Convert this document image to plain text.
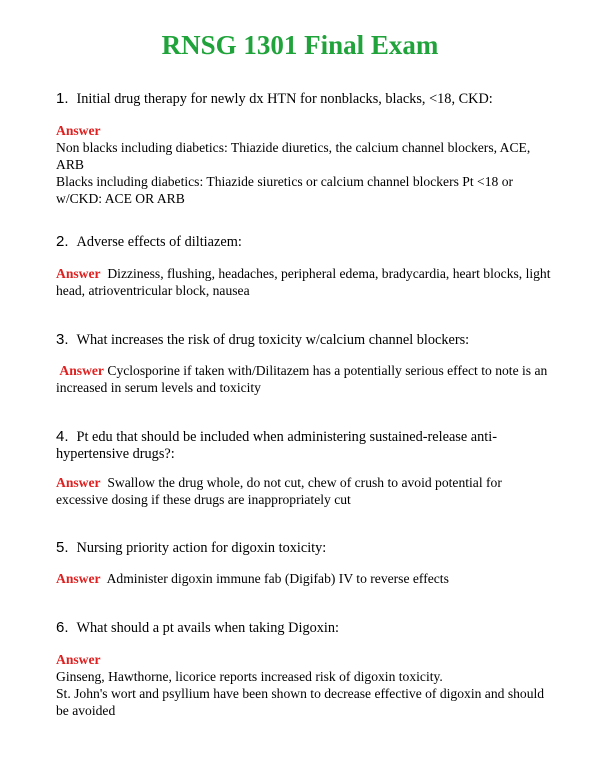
RNSG 1301 Final Exam
1. Initial drug therapy for newly dx HTN for nonblacks, blacks, <18, CKD:
Answer
Non blacks including diabetics: Thiazide diuretics, the calcium channel blockers, ACE, ARB
Blacks including diabetics: Thiazide siuretics or calcium channel blockers Pt <18 or w/CKD: ACE OR ARB
2. Adverse effects of diltiazem:
Answer Dizziness, flushing, headaches, peripheral edema, bradycardia, heart blocks, light head, atrioventricular block, nausea
3. What increases the risk of drug toxicity w/calcium channel blockers:
Answer Cyclosporine if taken with/Dilitazem has a potentially serious effect to note is an increased in serum levels and toxicity
4. Pt edu that should be included when administering sustained-release anti- hypertensive drugs?:
Answer Swallow the drug whole, do not cut, chew of crush to avoid potential for excessive dosing if these drugs are inappropriately cut
5. Nursing priority action for digoxin toxicity:
Answer Administer digoxin immune fab (Digifab) IV to reverse effects
6. What should a pt avails when taking Digoxin:
Answer
Ginseng, Hawthorne, licorice reports increased risk of digoxin toxicity.
St. John's wort and psyllium have been shown to decrease effective of digoxin and should be avoided
